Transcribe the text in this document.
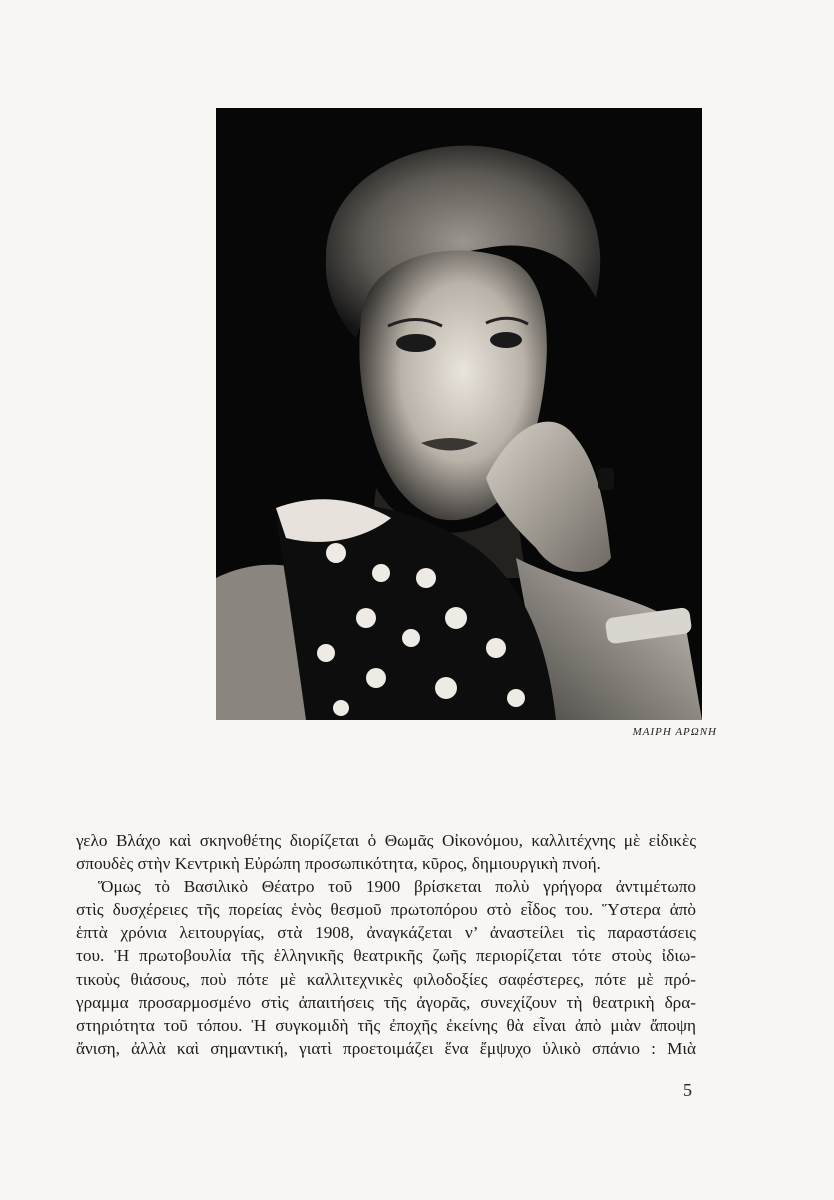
ΜΑΙΡΗ ΑΡΩΝΗ

γελο Βλάχο καὶ σκηνοθέτης διορίζεται ὁ Θωμᾶς Οἰκονόμου, καλλιτέχνης μὲ εἰδικὲς
σπουδὲς στὴν Κεντρικὴ Εὐρώπη προσωπικότητα, κῦρος, δημιουργικὴ πνοή.

Ὅμως τὸ Βασιλικὸ Θέατρο τοῦ 1900 βρίσκεται πολὺ γρήγορα ἀντιμέτωπο
στὶς δυσχέρειες τῆς πορείας ἑνὸς θεσμοῦ πρωτοπόρου στὸ εἶδος του. Ὕστερα ἀπὸ
ἑπτὰ χρόνια λειτουργίας, στὰ 1908, ἀναγκάζεται ν’ ἀναστείλει τὶς παραστάσεις
του. Ἡ πρωτοβουλία τῆς ἑλληνικῆς θεατρικῆς ζωῆς περιορίζεται τότε στοὺς ἰδιω-
τικοὺς θιάσους, ποὺ πότε μὲ καλλιτεχνικὲς φιλοδοξίες σαφέστερες, πότε μὲ πρό-
γραμμα προσαρμοσμένο στὶς ἀπαιτήσεις τῆς ἀγορᾶς, συνεχίζουν τὴ θεατρικὴ δρα-
στηριότητα τοῦ τόπου. Ἡ συγκομιδὴ τῆς ἐποχῆς ἐκείνης θὰ εἶναι ἀπὸ μιὰν ἄποψη
ἄνιση, ἀλλὰ καὶ σημαντική, γιατὶ προετοιμάζει ἕνα ἔμψυχο ὑλικὸ σπάνιο : Μιὰ

5
